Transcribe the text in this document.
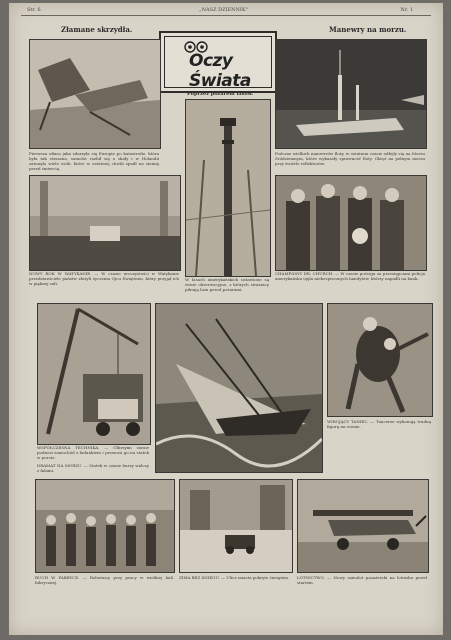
Str. 6	„NASZ DZIENNIK"	Nr. 1
Oczy Świata
Złamane skrzydła.	Manewry na morzu.
Poprzez pożarem lasów.
Pierwsza ofiara jaka zdarzyła się Europie po katastrofie, która była tak straszna, samolot rozbił się o skały i w Holandii zatonęło wiele osób, które w ostatniej chwili spadł na ziemię przed śmiercią.
Podczas wielkich manewrów floty, w ostatnim czasie odbyły się na Morzu Śródziemnym, które wykazały sprawność floty. Okręt na pełnym morzu przy świetle reflektorów.
NOWY ROK W WATYKANIE. — W czasie uroczystości w Watykanie przedstawiciele państw złożyli życzenia Ojcu Świętemu, który przyjął ich w pięknej sali.
W lasach amerykańskich ustawione są wieże obserwacyjne, z których strażnicy pilnują lasu przed pożarami.
CHAMPIONY DR. CHURCH. — W czasie pościgu za przestępcami policja amerykańska ujęła niebezpiecznych bandytów, którzy napadli na bank.
WSPÓŁCZESNA TECHNIKA. — Olbrzymi żuraw podnosi samochód z ładunkiem i przenosi go na statek w porcie.
DRAMAT NA MORZU. — Statek w czasie burzy walczy z falami.
WIRUJĄCY TANIEC. — Tancerze wykonują trudną figurę na scenie.
RUCH W FABRYCE. — Robotnicy przy pracy w wielkiej hali fabrycznej.
ZIMA BEZ ŚNIEGU. — Ulice miasta pokryte śniegiem.	LOTNICTWO. — Nowy samolot pasażerski na lotnisku przed startem.
